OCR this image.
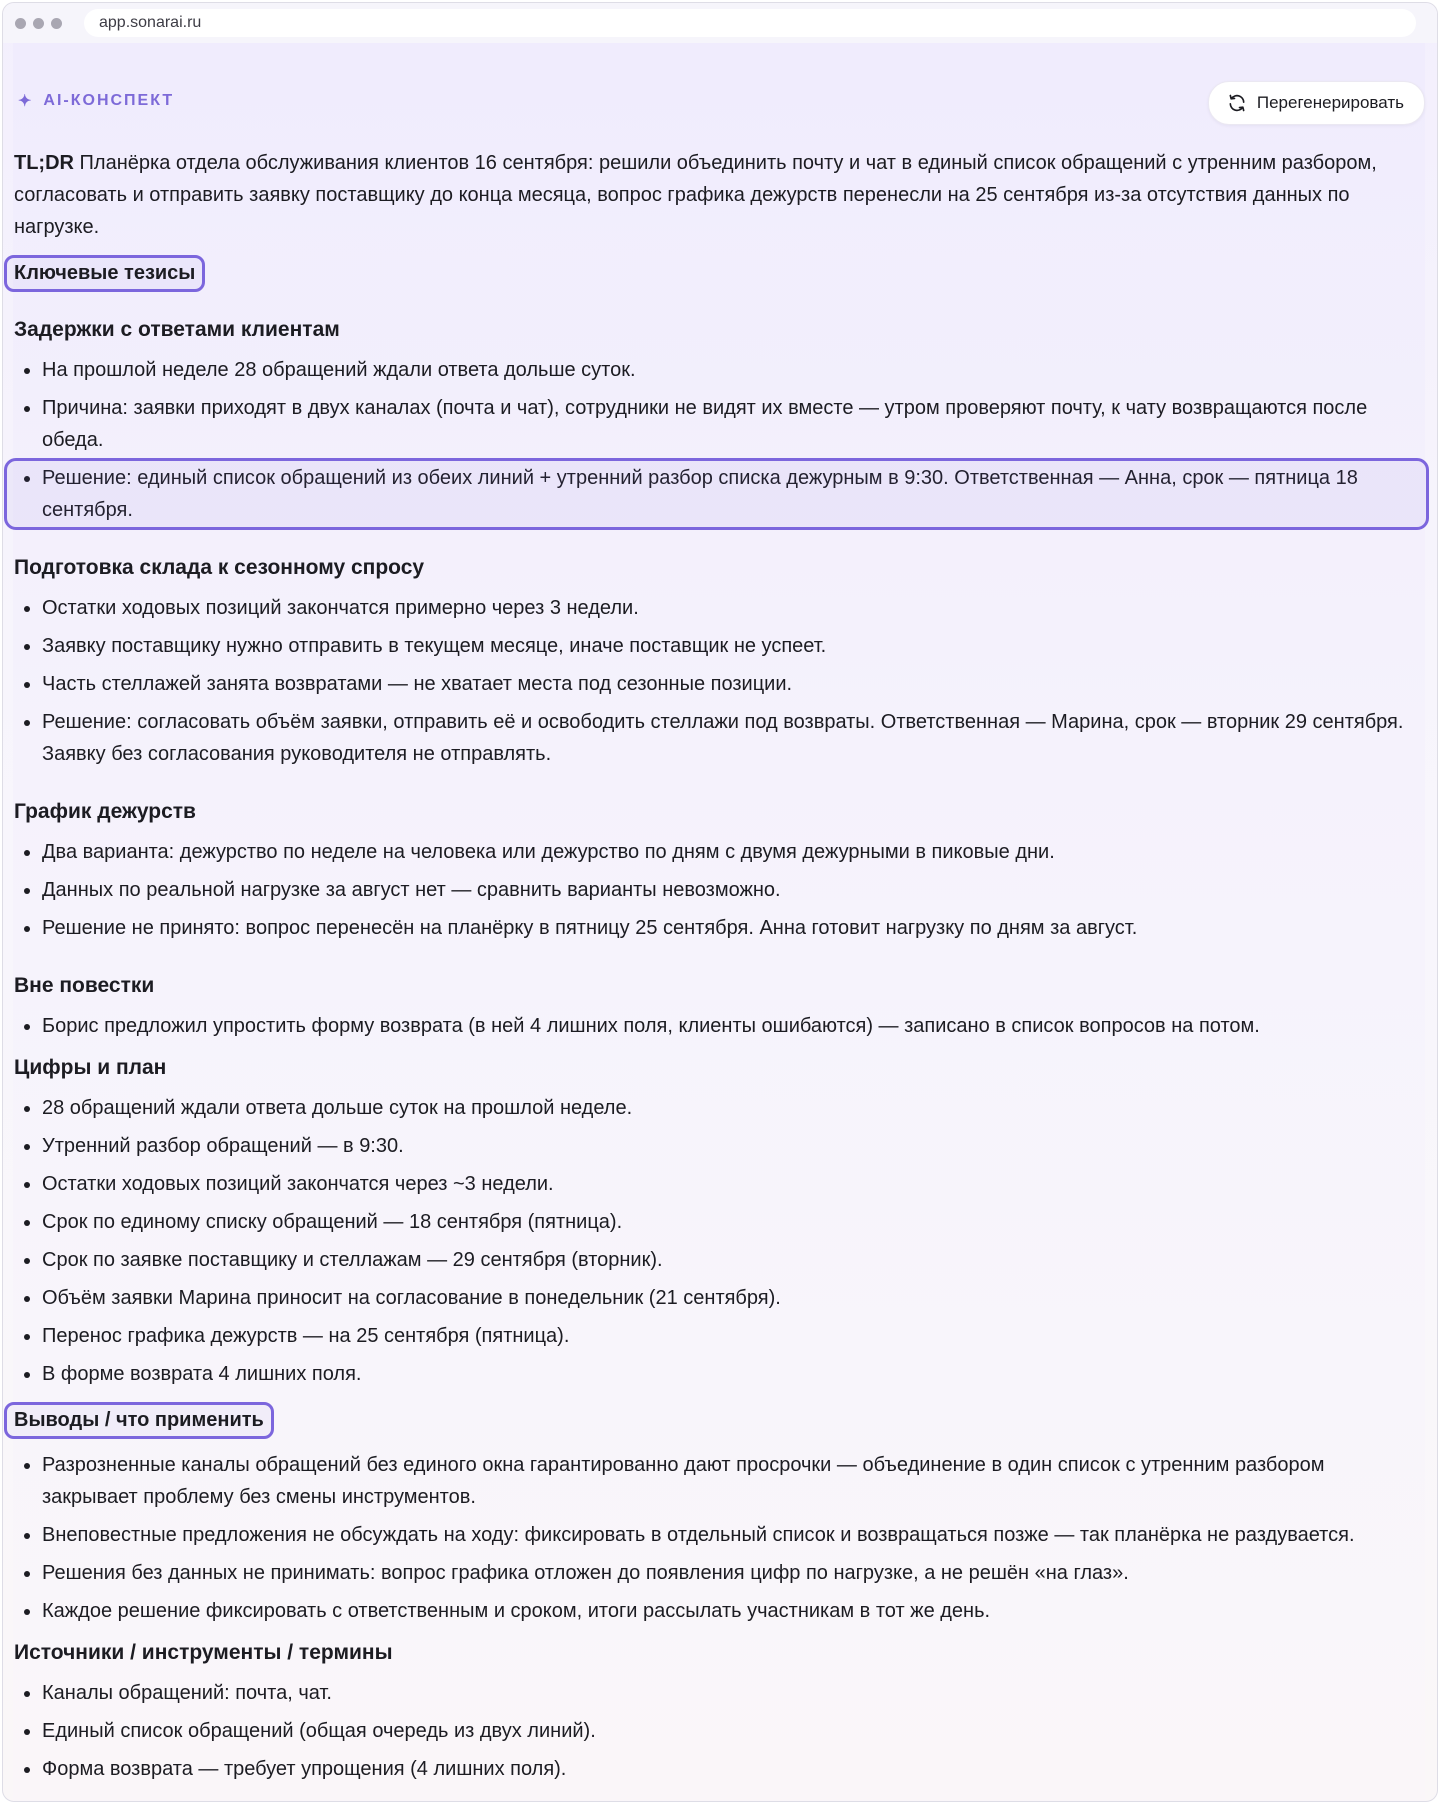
app.sonarai.ru
✦ AI-КОНСПЕКТ	Перегенерировать

TL;DR Планёрка отдела обслуживания клиентов 16 сентября: решили объединить почту и чат в единый список обращений с утренним разбором, согласовать и отправить заявку поставщику до конца месяца, вопрос графика дежурств перенесли на 25 сентября из-за отсутствия данных по нагрузке.

Ключевые тезисы
Задержки с ответами клиентам
• На прошлой неделе 28 обращений ждали ответа дольше суток.
• Причина: заявки приходят в двух каналах (почта и чат), сотрудники не видят их вместе — утром проверяют почту, к чату возвращаются после обеда.
• Решение: единый список обращений из обеих линий + утренний разбор списка дежурным в 9:30. Ответственная — Анна, срок — пятница 18 сентября.
Подготовка склада к сезонному спросу
• Остатки ходовых позиций закончатся примерно через 3 недели.
• Заявку поставщику нужно отправить в текущем месяце, иначе поставщик не успеет.
• Часть стеллажей занята возвратами — не хватает места под сезонные позиции.
• Решение: согласовать объём заявки, отправить её и освободить стеллажи под возвраты. Ответственная — Марина, срок — вторник 29 сентября. Заявку без согласования руководителя не отправлять.
График дежурств
• Два варианта: дежурство по неделе на человека или дежурство по дням с двумя дежурными в пиковые дни.
• Данных по реальной нагрузке за август нет — сравнить варианты невозможно.
• Решение не принято: вопрос перенесён на планёрку в пятницу 25 сентября. Анна готовит нагрузку по дням за август.
Вне повестки
• Борис предложил упростить форму возврата (в ней 4 лишних поля, клиенты ошибаются) — записано в список вопросов на потом.
Цифры и план
• 28 обращений ждали ответа дольше суток на прошлой неделе.
• Утренний разбор обращений — в 9:30.
• Остатки ходовых позиций закончатся через ~3 недели.
• Срок по единому списку обращений — 18 сентября (пятница).
• Срок по заявке поставщику и стеллажам — 29 сентября (вторник).
• Объём заявки Марина приносит на согласование в понедельник (21 сентября).
• Перенос графика дежурств — на 25 сентября (пятница).
• В форме возврата 4 лишних поля.
Выводы / что применить
• Разрозненные каналы обращений без единого окна гарантированно дают просрочки — объединение в один список с утренним разбором закрывает проблему без смены инструментов.
• Внеповестные предложения не обсуждать на ходу: фиксировать в отдельный список и возвращаться позже — так планёрка не раздувается.
• Решения без данных не принимать: вопрос графика отложен до появления цифр по нагрузке, а не решён «на глаз».
• Каждое решение фиксировать с ответственным и сроком, итоги рассылать участникам в тот же день.
Источники / инструменты / термины
• Каналы обращений: почта, чат.
• Единый список обращений (общая очередь из двух линий).
• Форма возврата — требует упрощения (4 лишних поля).
